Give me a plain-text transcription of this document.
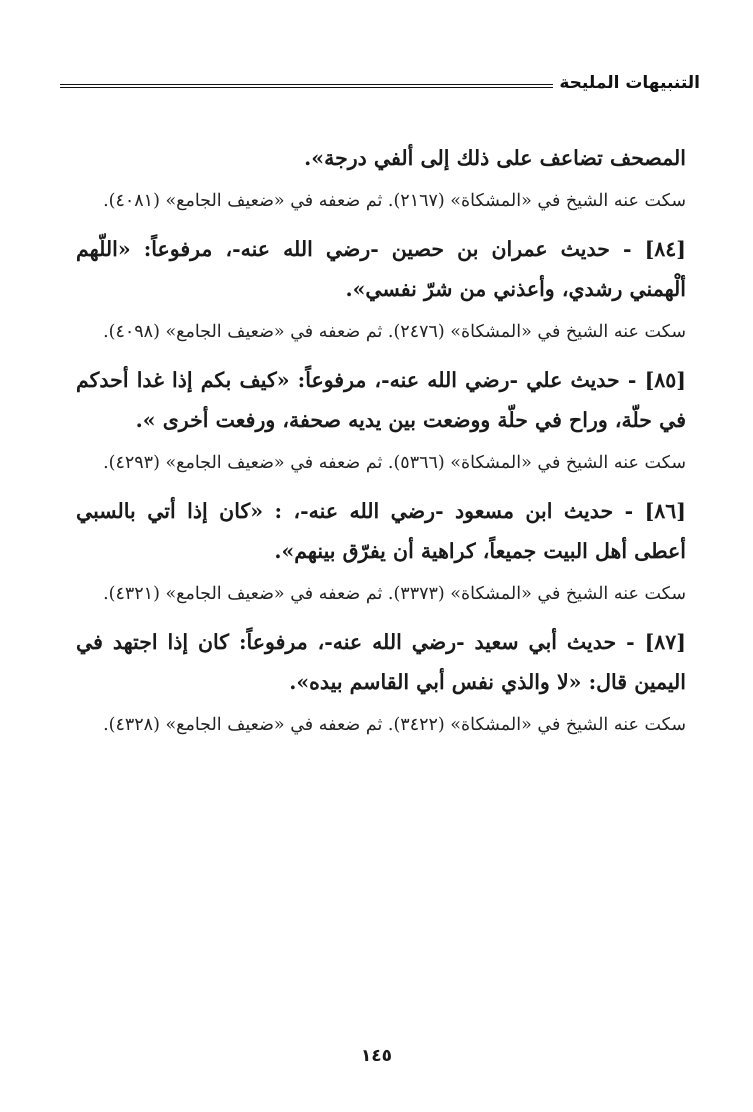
التنبيهات المليحة

المصحف تضاعف على ذلك إلى ألفي درجة».

سكت عنه الشيخ في «المشكاة» (٢١٦٧). ثم ضعفه في «ضعيف الجامع» (٤٠٨١).

[٨٤] - حديث عمران بن حصين -رضي الله عنه-، مرفوعاً: «اللّهم ألْهمني رشدي، وأعذني من شرّ نفسي».

سكت عنه الشيخ في «المشكاة» (٢٤٧٦). ثم ضعفه في «ضعيف الجامع» (٤٠٩٨).

[٨٥] - حديث علي -رضي الله عنه-، مرفوعاً: «كيف بكم إذا غدا أحدكم في حلّة، وراح في حلّة ووضعت بين يديه صحفة، ورفعت أخرى ».

سكت عنه الشيخ في «المشكاة» (٥٣٦٦). ثم ضعفه في «ضعيف الجامع» (٤٢٩٣).

[٨٦] - حديث ابن مسعود -رضي الله عنه-، : «كان إذا أتي بالسبي أعطى أهل البيت جميعاً، كراهية أن يفرّق بينهم».

سكت عنه الشيخ في «المشكاة» (٣٣٧٣). ثم ضعفه في «ضعيف الجامع» (٤٣٢١).

[٨٧] - حديث أبي سعيد -رضي الله عنه-، مرفوعاً: كان إذا اجتهد في اليمين قال: «لا والذي نفس أبي القاسم بيده».

سكت عنه الشيخ في «المشكاة» (٣٤٢٢). ثم ضعفه في «ضعيف الجامع» (٤٣٢٨).

١٤٥
